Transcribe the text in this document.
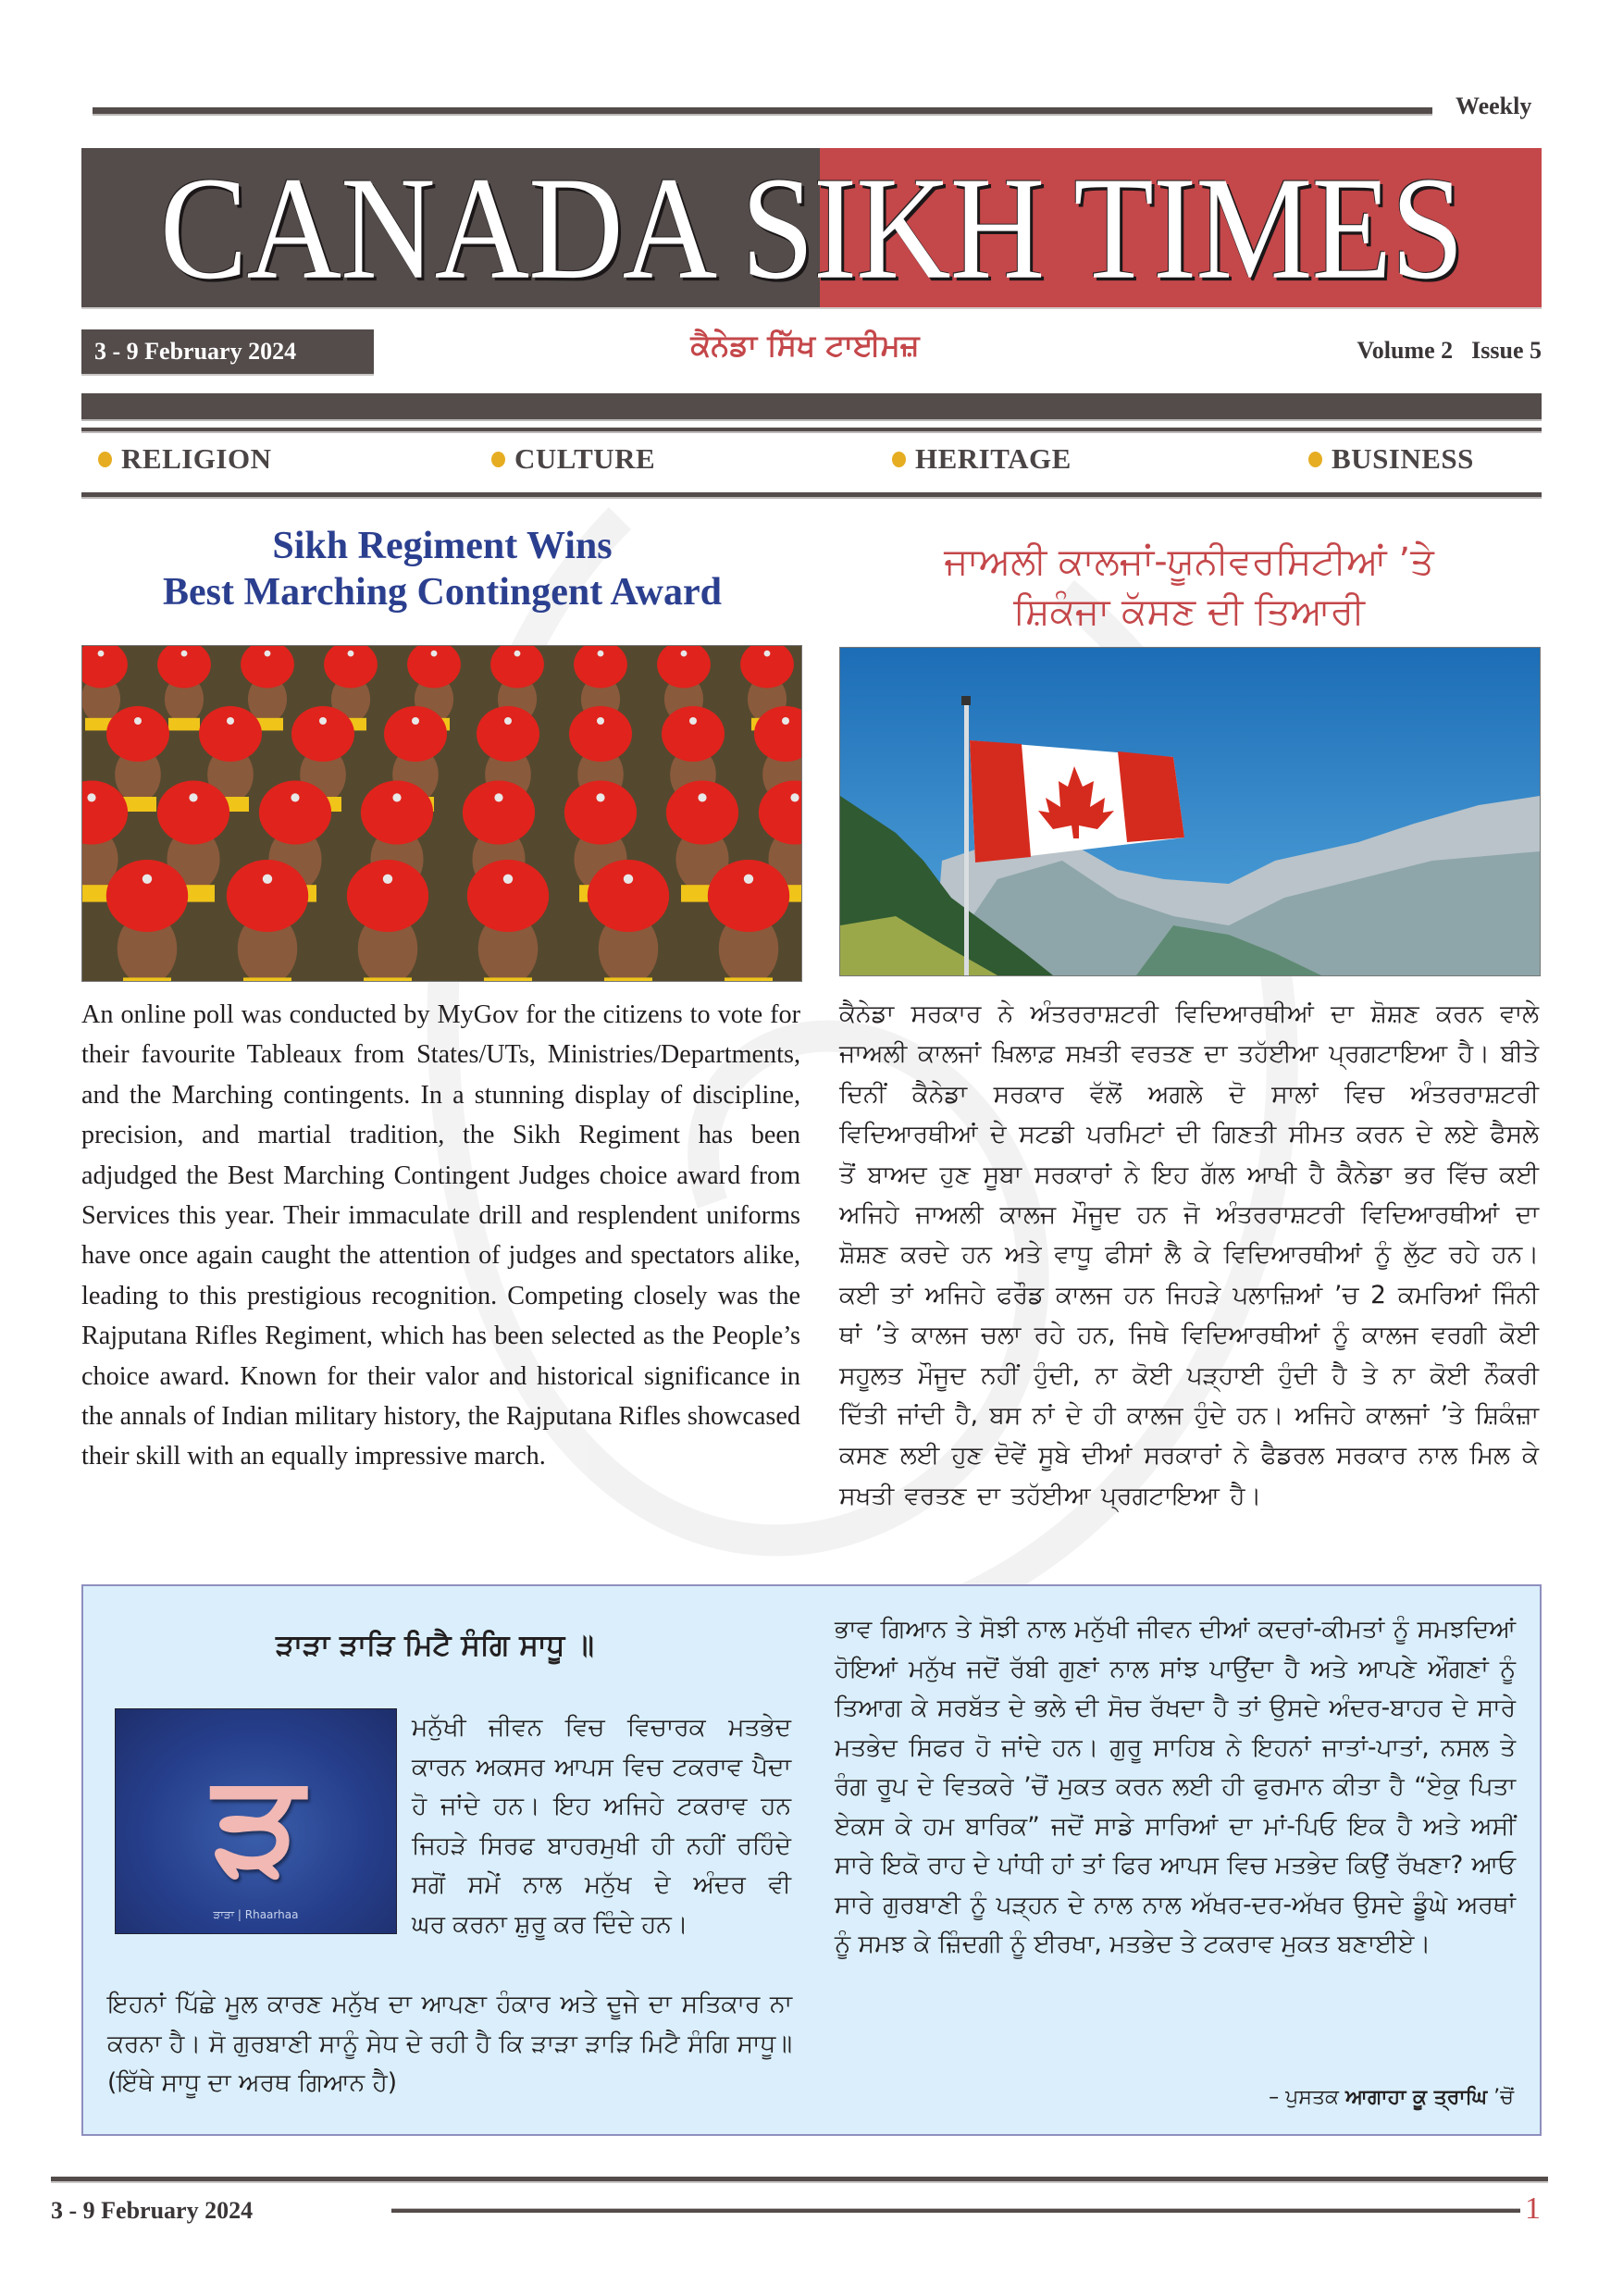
Weekly
CANADA SIKH TIMES
3 - 9 February 2024	ਕੈਨੇਡਾ ਸਿੱਖ ਟਾਈਮਜ਼	Volume 2 Issue 5
RELIGION	CULTURE	HERITAGE	BUSINESS
Sikh Regiment Wins
Best Marching Contingent Award
An online poll was conducted by MyGov for the citizens to vote for their favourite Tableaux from States/UTs, Ministries/Departments, and the Marching contingents. In a stunning display of discipline, precision, and martial tradition, the Sikh Regiment has been adjudged the Best Marching Contingent Judges choice award from Services this year. Their immaculate drill and resplendent uniforms have once again caught the attention of judges and spectators alike, leading to this prestigious recognition. Competing closely was the Rajputana Rifles Regiment, which has been selected as the People’s choice award. Known for their valor and historical significance in the annals of Indian military history, the Rajputana Rifles showcased their skill with an equally impressive march.
ਜਾਅਲੀ ਕਾਲਜਾਂ-ਯੂਨੀਵਰਸਿਟੀਆਂ ’ਤੇ
ਸ਼ਿਕੰਜਾ ਕੱਸਣ ਦੀ ਤਿਆਰੀ
ਕੈਨੇਡਾ ਸਰਕਾਰ ਨੇ ਅੰਤਰਰਾਸ਼ਟਰੀ ਵਿਦਿਆਰਥੀਆਂ ਦਾ ਸ਼ੋਸ਼ਣ ਕਰਨ ਵਾਲੇ ਜਾਅਲੀ ਕਾਲਜਾਂ ਖ਼ਿਲਾਫ਼ ਸਖ਼ਤੀ ਵਰਤਣ ਦਾ ਤਹੱਈਆ ਪ੍ਰਗਟਾਇਆ ਹੈ। ਬੀਤੇ ਦਿਨੀਂ ਕੈਨੇਡਾ ਸਰਕਾਰ ਵੱਲੋਂ ਅਗਲੇ ਦੋ ਸਾਲਾਂ ਵਿਚ ਅੰਤਰਰਾਸ਼ਟਰੀ ਵਿਦਿਆਰਥੀਆਂ ਦੇ ਸਟਡੀ ਪਰਮਿਟਾਂ ਦੀ ਗਿਣਤੀ ਸੀਮਤ ਕਰਨ ਦੇ ਲਏ ਫੈਸਲੇ ਤੋਂ ਬਾਅਦ ਹੁਣ ਸੂਬਾ ਸਰਕਾਰਾਂ ਨੇ ਇਹ ਗੱਲ ਆਖੀ ਹੈ ਕੈਨੇਡਾ ਭਰ ਵਿੱਚ ਕਈ ਅਜਿਹੇ ਜਾਅਲੀ ਕਾਲਜ ਮੌਜੂਦ ਹਨ ਜੋ ਅੰਤਰਰਾਸ਼ਟਰੀ ਵਿਦਿਆਰਥੀਆਂ ਦਾ ਸ਼ੋਸ਼ਣ ਕਰਦੇ ਹਨ ਅਤੇ ਵਾਧੂ ਫੀਸਾਂ ਲੈ ਕੇ ਵਿਦਿਆਰਥੀਆਂ ਨੂੰ ਲੁੱਟ ਰਹੇ ਹਨ। ਕਈ ਤਾਂ ਅਜਿਹੇ ਫਰੌਡ ਕਾਲਜ ਹਨ ਜਿਹੜੇ ਪਲਾਜ਼ਿਆਂ ’ਚ 2 ਕਮਰਿਆਂ ਜਿੰਨੀ ਥਾਂ ’ਤੇ ਕਾਲਜ ਚਲਾ ਰਹੇ ਹਨ, ਜਿਥੇ ਵਿਦਿਆਰਥੀਆਂ ਨੂੰ ਕਾਲਜ ਵਰਗੀ ਕੋਈ ਸਹੂਲਤ ਮੌਜੂਦ ਨਹੀਂ ਹੁੰਦੀ, ਨਾ ਕੋਈ ਪੜ੍ਹਾਈ ਹੁੰਦੀ ਹੈ ਤੇ ਨਾ ਕੋਈ ਨੌਕਰੀ ਦਿੱਤੀ ਜਾਂਦੀ ਹੈ, ਬਸ ਨਾਂ ਦੇ ਹੀ ਕਾਲਜ ਹੁੰਦੇ ਹਨ। ਅਜਿਹੇ ਕਾਲਜਾਂ ’ਤੇ ਸ਼ਿਕੰਜ਼ਾ ਕਸਣ ਲਈ ਹੁਣ ਦੋਵੇਂ ਸੂਬੇ ਦੀਆਂ ਸਰਕਾਰਾਂ ਨੇ ਫੈਡਰਲ ਸਰਕਾਰ ਨਾਲ ਮਿਲ ਕੇ ਸਖਤੀ ਵਰਤਣ ਦਾ ਤਹੱਈਆ ਪ੍ਰਗਟਾਇਆ ਹੈ।
ੜਾੜਾ ੜਾੜਿ ਮਿਟੈ ਸੰਗਿ ਸਾਧੂ ॥
ੜ
ੜਾੜਾ | Rhaarhaa
ਮਨੁੱਖੀ ਜੀਵਨ ਵਿਚ ਵਿਚਾਰਕ ਮਤਭੇਦ ਕਾਰਨ ਅਕਸਰ ਆਪਸ ਵਿਚ ਟਕਰਾਵ ਪੈਦਾ ਹੋ ਜਾਂਦੇ ਹਨ। ਇਹ ਅਜਿਹੇ ਟਕਰਾਵ ਹਨ ਜਿਹੜੇ ਸਿਰਫ ਬਾਹਰਮੁਖੀ ਹੀ ਨਹੀਂ ਰਹਿੰਦੇ ਸਗੋਂ ਸਮੇਂ ਨਾਲ ਮਨੁੱਖ ਦੇ ਅੰਦਰ ਵੀ
ਘਰ ਕਰਨਾ ਸ਼ੁਰੂ ਕਰ ਦਿੰਦੇ ਹਨ।
ਇਹਨਾਂ ਪਿੱਛੇ ਮੂਲ ਕਾਰਣ ਮਨੁੱਖ ਦਾ ਆਪਣਾ ਹੰਕਾਰ ਅਤੇ ਦੂਜੇ ਦਾ ਸਤਿਕਾਰ ਨਾ ਕਰਨਾ ਹੈ। ਸੋ ਗੁਰਬਾਣੀ ਸਾਨੂੰ ਸੇਧ ਦੇ ਰਹੀ ਹੈ ਕਿ ੜਾੜਾ ੜਾੜਿ ਮਿਟੈ ਸੰਗਿ ਸਾਧੂ॥ (ਇੱਥੇ ਸਾਧੂ ਦਾ ਅਰਥ ਗਿਆਨ ਹੈ)
ਭਾਵ ਗਿਆਨ ਤੇ ਸੋਝੀ ਨਾਲ ਮਨੁੱਖੀ ਜੀਵਨ ਦੀਆਂ ਕਦਰਾਂ-ਕੀਮਤਾਂ ਨੂੰ ਸਮਝਦਿਆਂ ਹੋਇਆਂ ਮਨੁੱਖ ਜਦੋਂ ਰੱਬੀ ਗੁਣਾਂ ਨਾਲ ਸਾਂਝ ਪਾਉਂਦਾ ਹੈ ਅਤੇ ਆਪਣੇ ਔਗਣਾਂ ਨੂੰ ਤਿਆਗ ਕੇ ਸਰਬੱਤ ਦੇ ਭਲੇ ਦੀ ਸੋਚ ਰੱਖਦਾ ਹੈ ਤਾਂ ਉਸਦੇ ਅੰਦਰ-ਬਾਹਰ ਦੇ ਸਾਰੇ ਮਤਭੇਦ ਸਿਫਰ ਹੋ ਜਾਂਦੇ ਹਨ। ਗੁਰੂ ਸਾਹਿਬ ਨੇ ਇਹਨਾਂ ਜਾਤਾਂ-ਪਾਤਾਂ, ਨਸਲ ਤੇ ਰੰਗ ਰੂਪ ਦੇ ਵਿਤਕਰੇ ’ਚੋਂ ਮੁਕਤ ਕਰਨ ਲਈ ਹੀ ਫੁਰਮਾਨ ਕੀਤਾ ਹੈ “ਏਕੁ ਪਿਤਾ ਏਕਸ ਕੇ ਹਮ ਬਾਰਿਕ” ਜਦੋਂ ਸਾਡੇ ਸਾਰਿਆਂ ਦਾ ਮਾਂ-ਪਿਓ ਇਕ ਹੈ ਅਤੇ ਅਸੀਂ ਸਾਰੇ ਇਕੋ ਰਾਹ ਦੇ ਪਾਂਧੀ ਹਾਂ ਤਾਂ ਫਿਰ ਆਪਸ ਵਿਚ ਮਤਭੇਦ ਕਿਉਂ ਰੱਖਣਾ? ਆਓ ਸਾਰੇ ਗੁਰਬਾਣੀ ਨੂੰ ਪੜ੍ਹਨ ਦੇ ਨਾਲ ਨਾਲ ਅੱਖਰ-ਦਰ-ਅੱਖਰ ਉਸਦੇ ਡੂੰਘੇ ਅਰਥਾਂ ਨੂੰ ਸਮਝ ਕੇ ਜ਼ਿੰਦਗੀ ਨੂੰ ਈਰਖਾ, ਮਤਭੇਦ ਤੇ ਟਕਰਾਵ ਮੁਕਤ ਬਣਾਈਏ।
– ਪੁਸਤਕ ਆਗਾਹਾ ਕੂ ਤ੍ਰਾਘਿ ’ਚੋਂ
3 - 9 February 2024	1
